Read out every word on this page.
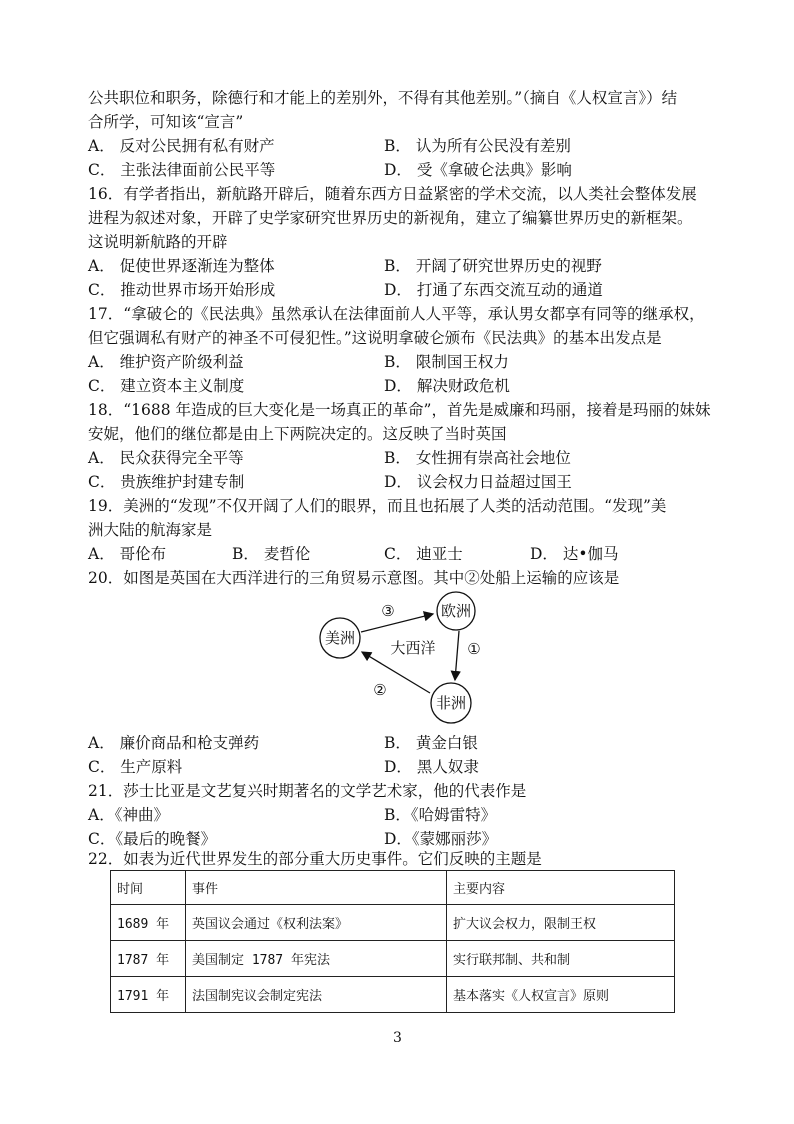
公共职位和职务，除德行和才能上的差别外，不得有其他差别。”（摘自《人权宣言》）结
合所学，可知该“宣言”
A． 反对公民拥有私有财产	B． 认为所有公民没有差别
C． 主张法律面前公民平等	D． 受《拿破仑法典》影响
16．有学者指出，新航路开辟后，随着东西方日益紧密的学术交流，以人类社会整体发展
进程为叙述对象，开辟了史学家研究世界历史的新视角，建立了编纂世界历史的新框架。
这说明新航路的开辟
A． 促使世界逐渐连为整体	B． 开阔了研究世界历史的视野
C． 推动世界市场开始形成	D． 打通了东西交流互动的通道
17．“拿破仑的《民法典》虽然承认在法律面前人人平等，承认男女都享有同等的继承权，
但它强调私有财产的神圣不可侵犯性。”这说明拿破仑颁布《民法典》的基本出发点是
A． 维护资产阶级利益	B． 限制国王权力
C． 建立资本主义制度	D． 解决财政危机
18．“1688 年造成的巨大变化是一场真正的革命”，首先是威廉和玛丽，接着是玛丽的妹妹
安妮，他们的继位都是由上下两院决定的。这反映了当时英国
A． 民众获得完全平等	B． 女性拥有崇高社会地位
C． 贵族维护封建专制	D． 议会权力日益超过国王
19．美洲的“发现”不仅开阔了人们的眼界，而且也拓展了人类的活动范围。“发现”美
洲大陆的航海家是
A． 哥伦布	B． 麦哲伦	C． 迪亚士	D． 达•伽马
20．如图是英国在大西洋进行的三角贸易示意图。其中②处船上运输的应该是
欧洲
美洲
非洲
③
①
②
大西洋
A． 廉价商品和枪支弹药	B． 黄金白银
C． 生产原料	D． 黑人奴隶
21．莎士比亚是文艺复兴时期著名的文学艺术家，他的代表作是
A．《神曲》	B．《哈姆雷特》
C．《最后的晚餐》	D．《蒙娜丽莎》
22．如表为近代世界发生的部分重大历史事件。它们反映的主题是
时间	事件	主要内容
1689 年	英国议会通过《权利法案》	扩大议会权力，限制王权
1787 年	美国制定 1787 年宪法	实行联邦制、共和制
1791 年	法国制宪议会制定宪法	基本落实《人权宣言》原则
3
